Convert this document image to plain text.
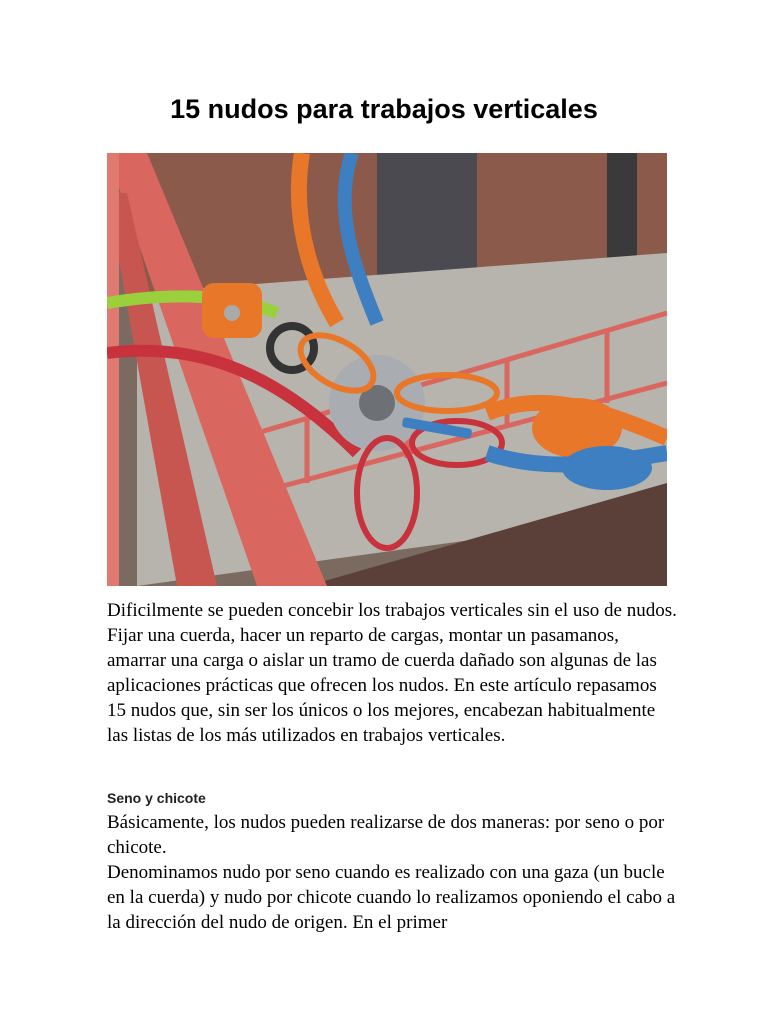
15 nudos para trabajos verticales

Dificilmente se pueden concebir los trabajos verticales sin el uso de nudos. Fijar una cuerda, hacer un reparto de cargas, montar un pasamanos, amarrar una carga o aislar un tramo de cuerda dañado son algunas de las aplicaciones prácticas que ofrecen los nudos. En este artículo repasamos 15 nudos que, sin ser los únicos o los mejores, encabezan habitualmente las listas de los más utilizados en trabajos verticales.

Seno y chicote
Básicamente, los nudos pueden realizarse de dos maneras: por seno o por chicote.
Denominamos nudo por seno cuando es realizado con una gaza (un bucle en la cuerda) y nudo por chicote cuando lo realizamos oponiendo el cabo a la dirección del nudo de origen. En el primer
